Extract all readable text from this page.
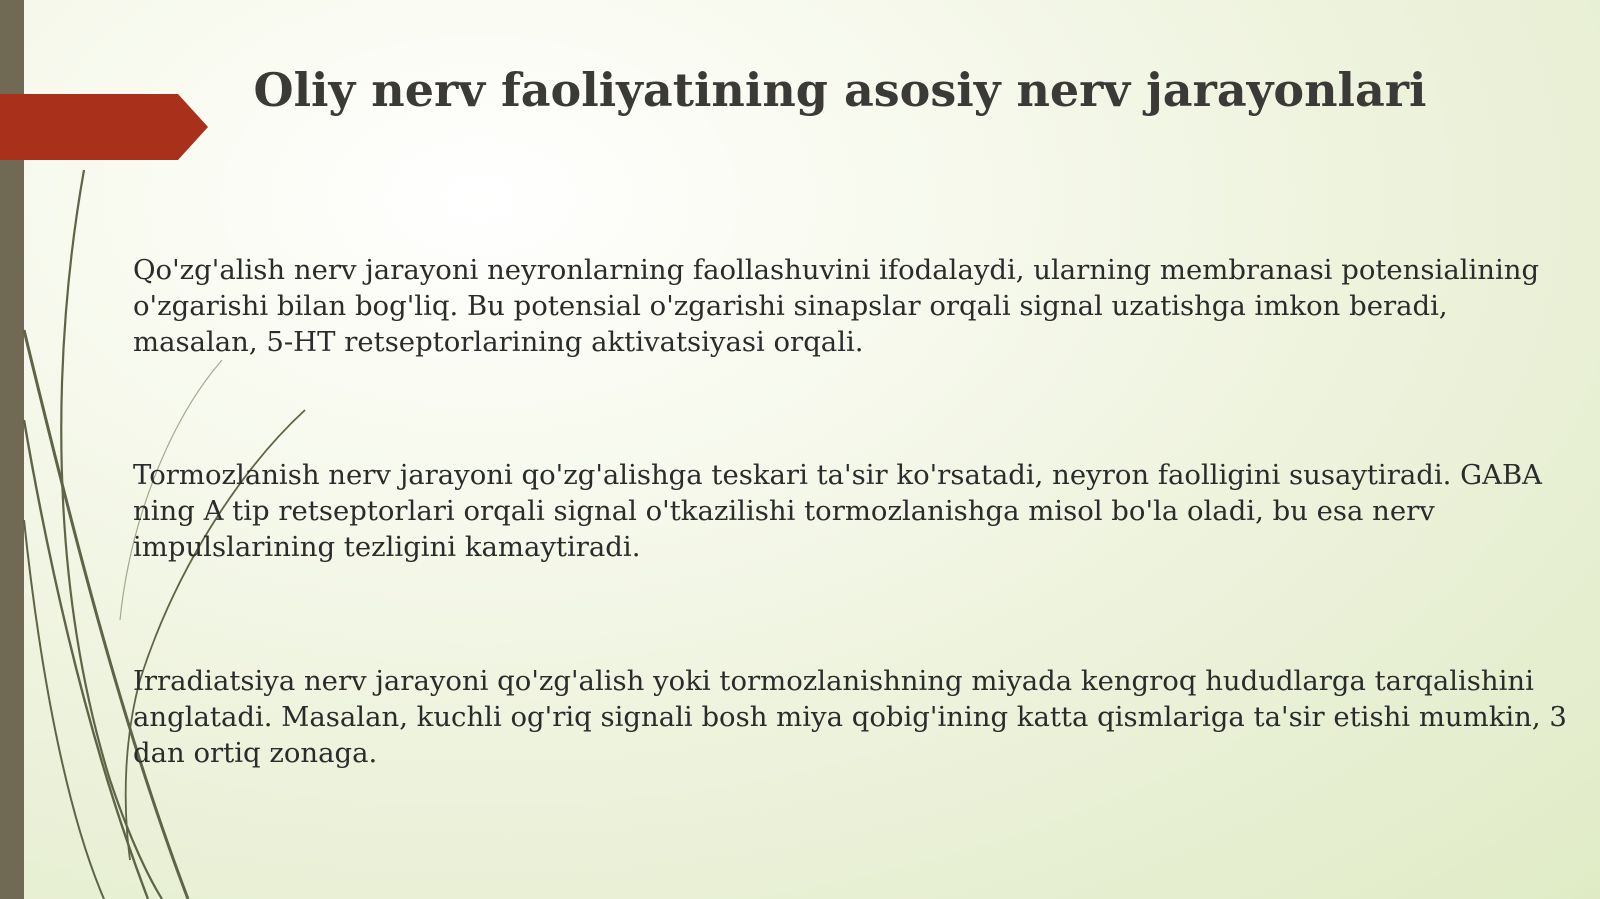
Oliy nerv faoliyatining asosiy nerv jarayonlari

Qo'zg'alish nerv jarayoni neyronlarning faollashuvini ifodalaydi, ularning membranasi potensialining o'zgarishi bilan bog'liq. Bu potensial o'zgarishi sinapslar orqali signal uzatishga imkon beradi, masalan, 5-HT retseptorlarining aktivatsiyasi orqali.

Tormozlanish nerv jarayoni qo'zg'alishga teskari ta'sir ko'rsatadi, neyron faolligini susaytiradi. GABA ning A tip retseptorlari orqali signal o'tkazilishi tormozlanishga misol bo'la oladi, bu esa nerv impulslarining tezligini kamaytiradi.

Irradiatsiya nerv jarayoni qo'zg'alish yoki tormozlanishning miyada kengroq hududlarga tarqalishini anglatadi. Masalan, kuchli og'riq signali bosh miya qobig'ining katta qismlariga ta'sir etishi mumkin, 3 dan ortiq zonaga.
